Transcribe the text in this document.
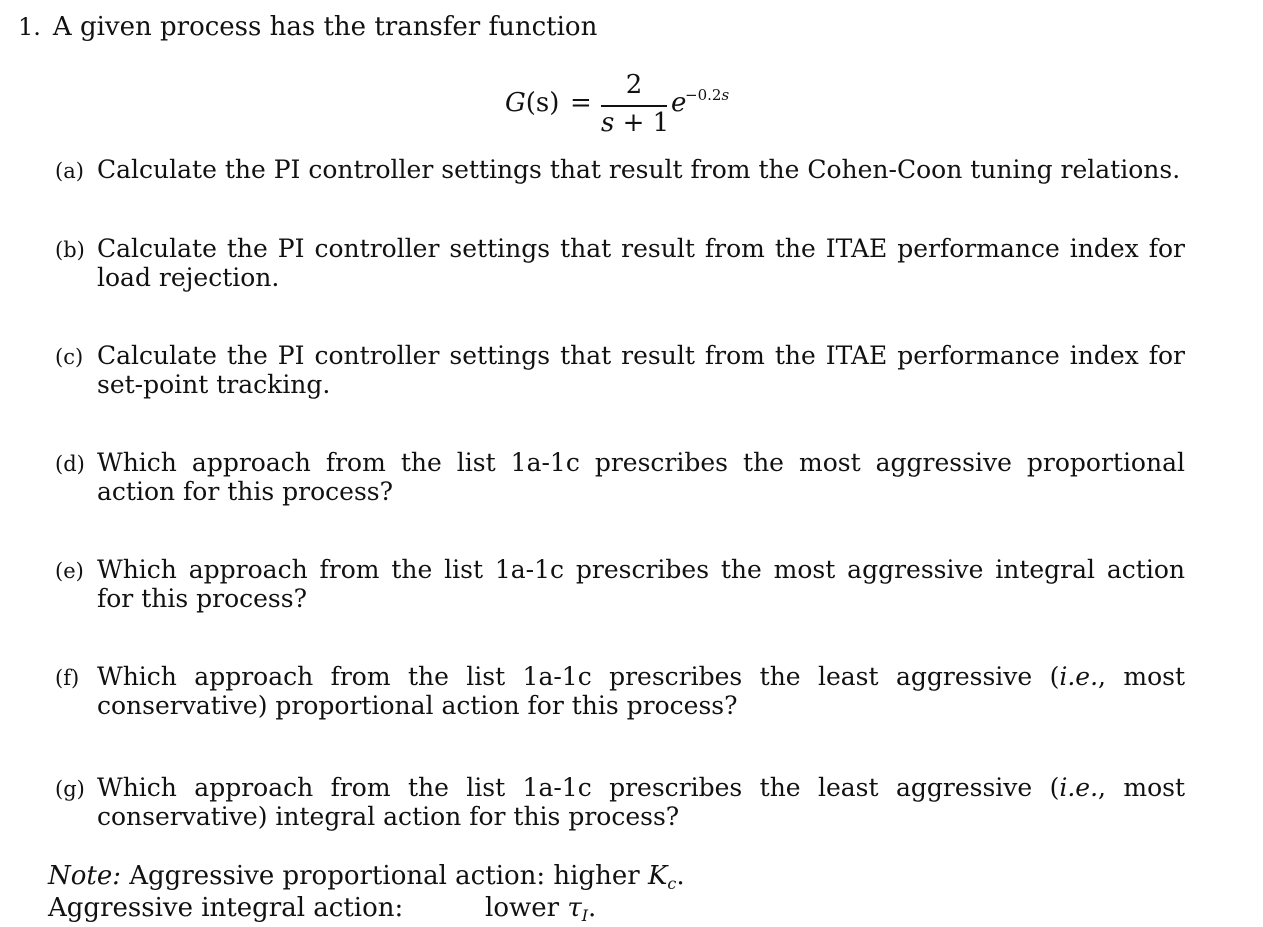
1. A given process has the transfer function
G(s) =
2
s + 1
e
−0.2s
(a) Calculate the PI controller settings that result from the Cohen-Coon tuning relations.
(b) Calculate the PI controller settings that result from the ITAE performance index for load rejection.
(c) Calculate the PI controller settings that result from the ITAE performance index for set-point tracking.
(d) Which approach from the list 1a-1c prescribes the most aggressive proportional action for this process?
(e) Which approach from the list 1a-1c prescribes the most aggressive integral action for this process?
(f) Which approach from the list 1a-1c prescribes the least aggressive (i.e., most conservative) proportional action for this process?
(g) Which approach from the list 1a-1c prescribes the least aggressive (i.e., most conservative) integral action for this process?
Note: Aggressive proportional action: higher $K_c$.
Aggressive integral action:	lower $\tau_I$.
